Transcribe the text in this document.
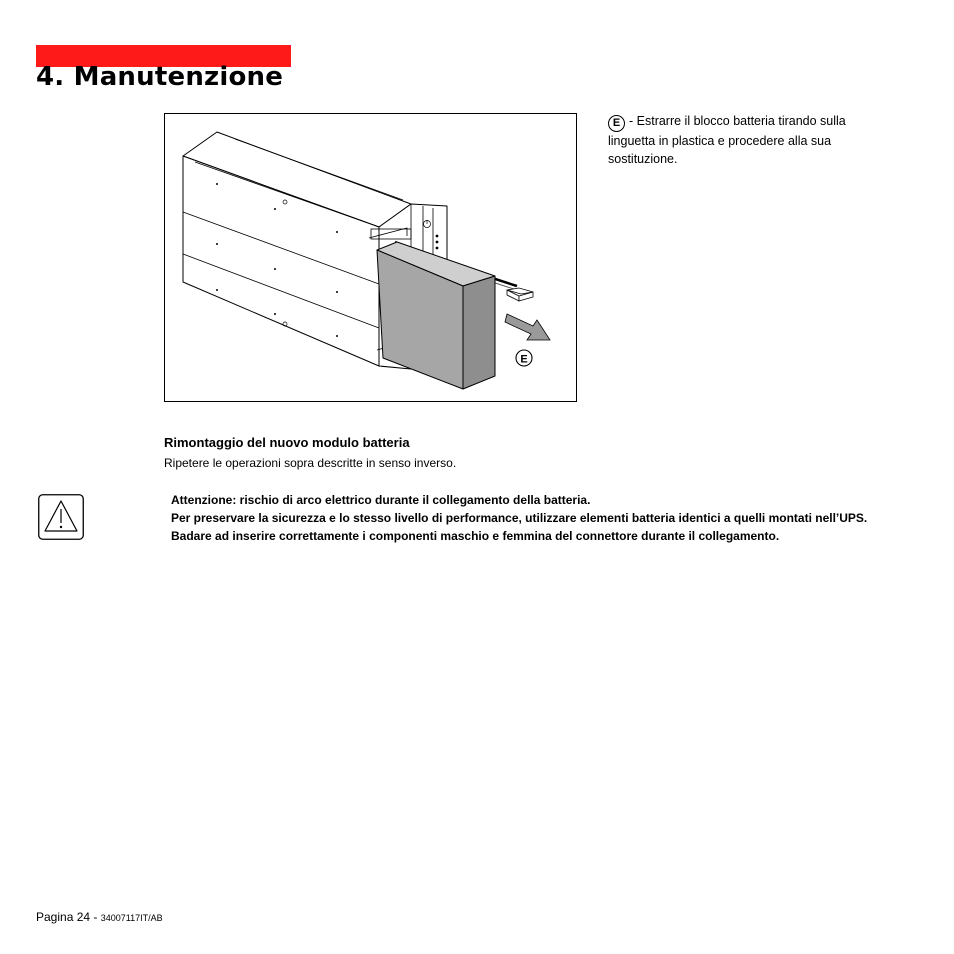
4. Manutenzione
E

E - Estrarre il blocco batteria tirando sulla linguetta in plastica e procedere alla sua sostituzione.

Rimontaggio del nuovo modulo batteria

Ripetere le operazioni sopra descritte in senso inverso.

Attenzione: rischio di arco elettrico durante il collegamento della batteria.
Per preservare la sicurezza e lo stesso livello di performance, utilizzare elementi batteria identici a quelli montati nell’UPS.
Badare ad inserire correttamente i componenti maschio e femmina del connettore durante il collegamento.
Pagina 24 - 34007117IT/AB
